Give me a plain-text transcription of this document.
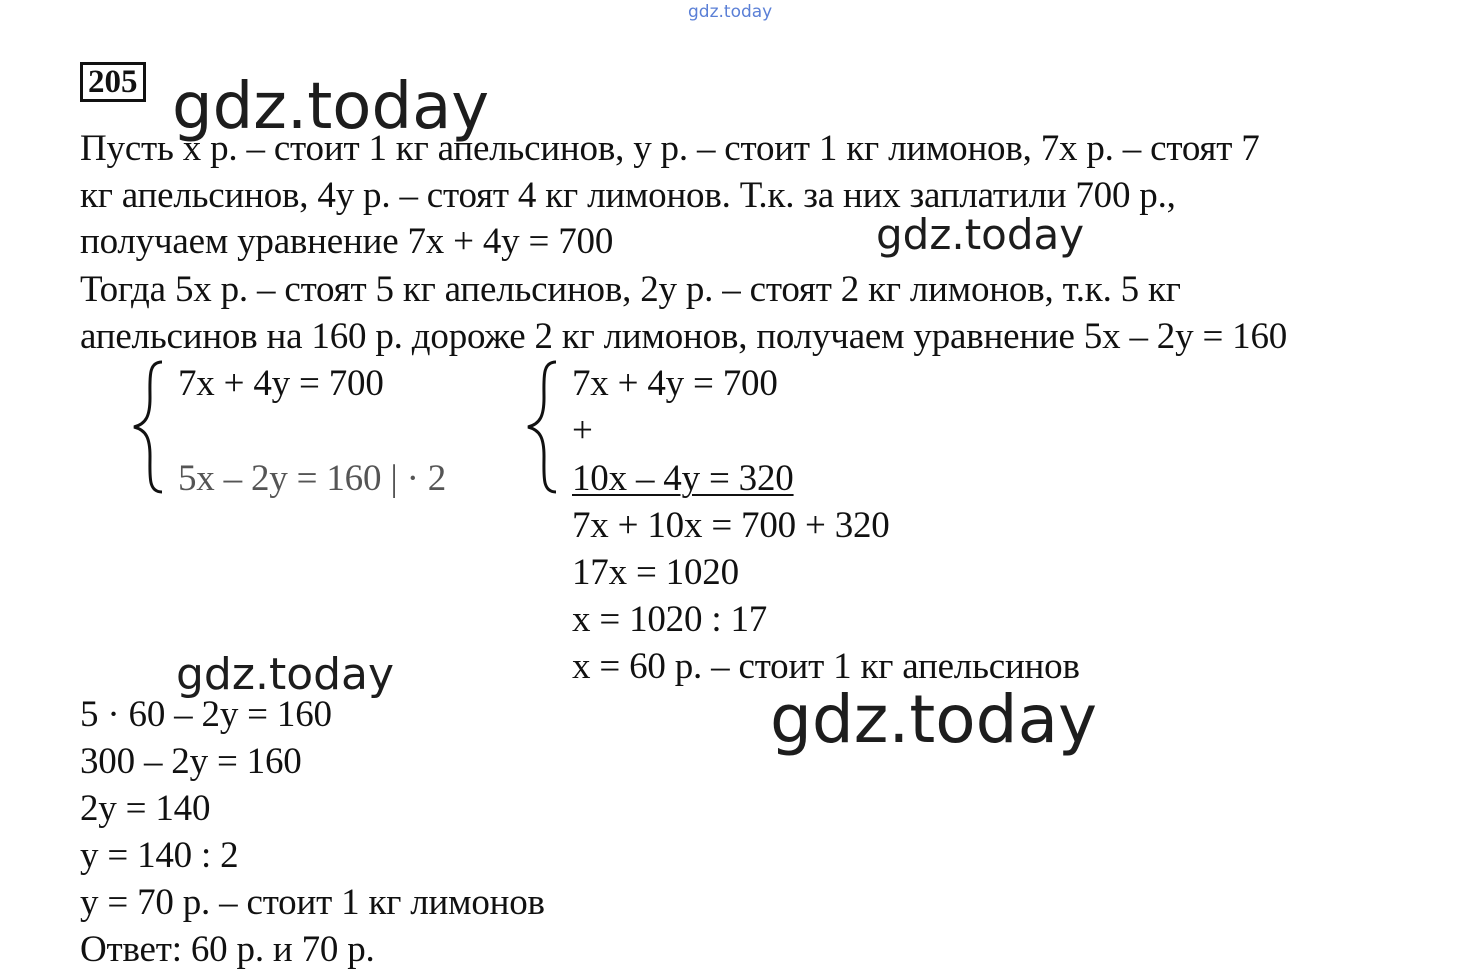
gdz.today
205
Пусть x р. – стоит 1 кг апельсинов, y р. – стоит 1 кг лимонов, 7x р. – стоят 7
кг апельсинов, 4y р. – стоят 4 кг лимонов. Т.к. за них заплатили 700 р.,
получаем уравнение 7x + 4y = 700
Тогда 5x р. – стоят 5 кг апельсинов, 2y р. – стоят 2 кг лимонов, т.к. 5 кг
апельсинов на 160 р. дороже 2 кг лимонов, получаем уравнение 5x – 2y = 160
7x + 4y = 700
5x – 2y = 160 | · 2
7x + 4y = 700
+
10x – 4y = 320
7x + 10x = 700 + 320
17x = 1020
x = 1020 : 17
x = 60 р. – стоит 1 кг апельсинов
5 · 60 – 2y = 160
300 – 2y = 160
2y = 140
y = 140 : 2
y = 70 р. – стоит 1 кг лимонов
Ответ: 60 р. и 70 р.
gdz.today
gdz.today
gdz.today
gdz.today
